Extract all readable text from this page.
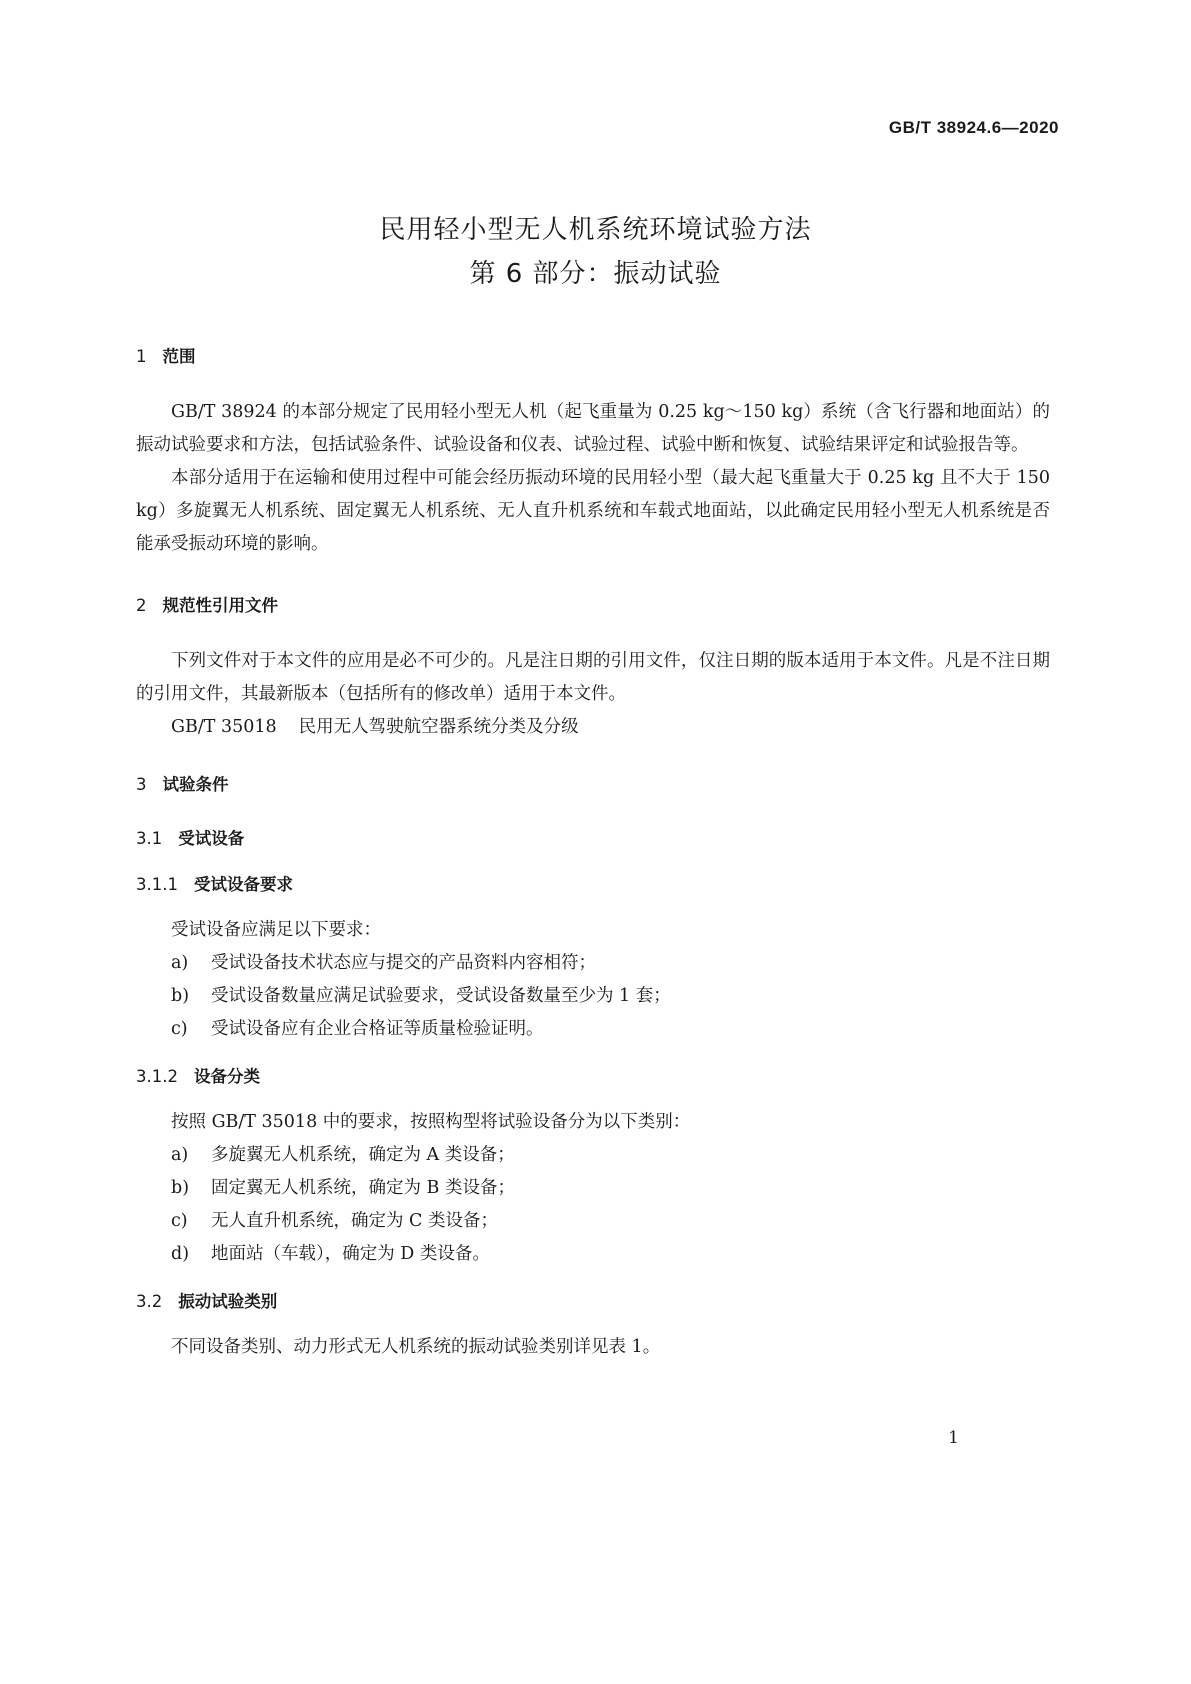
GB/T 38924.6—2020
民用轻小型无人机系统环境试验方法
第 6 部分：振动试验
1 范围

GB/T 38924 的本部分规定了民用轻小型无人机（起飞重量为 0.25 kg～150 kg）系统（含飞行器和地面站）的振动试验要求和方法，包括试验条件、试验设备和仪表、试验过程、试验中断和恢复、试验结果评定和试验报告等。

本部分适用于在运输和使用过程中可能会经历振动环境的民用轻小型（最大起飞重量大于 0.25 kg 且不大于 150 kg）多旋翼无人机系统、固定翼无人机系统、无人直升机系统和车载式地面站，以此确定民用轻小型无人机系统是否能承受振动环境的影响。

2 规范性引用文件

下列文件对于本文件的应用是必不可少的。凡是注日期的引用文件，仅注日期的版本适用于本文件。凡是不注日期的引用文件，其最新版本（包括所有的修改单）适用于本文件。

GB/T 35018 民用无人驾驶航空器系统分类及分级
3 试验条件
3.1 受试设备
3.1.1 受试设备要求

受试设备应满足以下要求：

a) 受试设备技术状态应与提交的产品资料内容相符；
b) 受试设备数量应满足试验要求，受试设备数量至少为 1 套；
c) 受试设备应有企业合格证等质量检验证明。
3.1.2 设备分类

按照 GB/T 35018 中的要求，按照构型将试验设备分为以下类别：

a) 多旋翼无人机系统，确定为 A 类设备；
b) 固定翼无人机系统，确定为 B 类设备；
c) 无人直升机系统，确定为 C 类设备；
d) 地面站（车载），确定为 D 类设备。
3.2 振动试验类别

不同设备类别、动力形式无人机系统的振动试验类别详见表 1。

1
